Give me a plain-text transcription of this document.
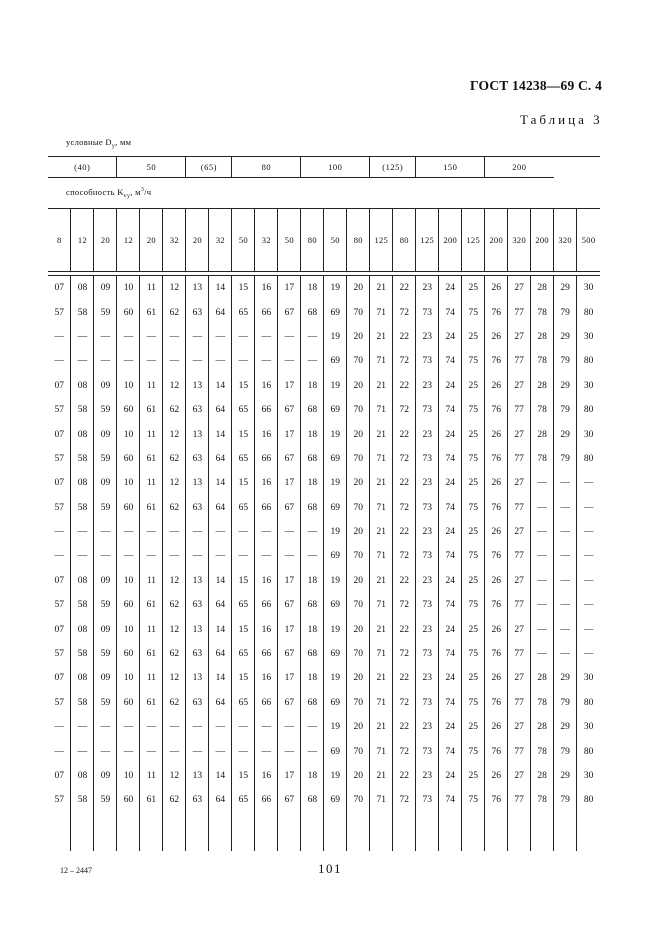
ГОСТ 14238—69 С. 4
Таблица 3
условные $D_у$, мм																							
(40)			50			(65)		80			100			(125)		150			200				
способность $K_{vy}$, $м^3/ч$																							
8	12	20	12	20	32	20	32	50	32	50	80	50	80	125	80	125	200	125	200	320	200	320	500

07	08	09	10	11	12	13	14	15	16	17	18	19	20	21	22	23	24	25	26	27	28	29	30
57	58	59	60	61	62	63	64	65	66	67	68	69	70	71	72	73	74	75	76	77	78	79	80
—	—	—	—	—	—	—	—	—	—	—	—	19	20	21	22	23	24	25	26	27	28	29	30
—	—	—	—	—	—	—	—	—	—	—	—	69	70	71	72	73	74	75	76	77	78	79	80
07	08	09	10	11	12	13	14	15	16	17	18	19	20	21	22	23	24	25	26	27	28	29	30
57	58	59	60	61	62	63	64	65	66	67	68	69	70	71	72	73	74	75	76	77	78	79	80
07	08	09	10	11	12	13	14	15	16	17	18	19	20	21	22	23	24	25	26	27	28	29	30
57	58	59	60	61	62	63	64	65	66	67	68	69	70	71	72	73	74	75	76	77	78	79	80
07	08	09	10	11	12	13	14	15	16	17	18	19	20	21	22	23	24	25	26	27	—	—	—
57	58	59	60	61	62	63	64	65	66	67	68	69	70	71	72	73	74	75	76	77	—	—	—
—	—	—	—	—	—	—	—	—	—	—	—	19	20	21	22	23	24	25	26	27	—	—	—
—	—	—	—	—	—	—	—	—	—	—	—	69	70	71	72	73	74	75	76	77	—	—	—
07	08	09	10	11	12	13	14	15	16	17	18	19	20	21	22	23	24	25	26	27	—	—	—
57	58	59	60	61	62	63	64	65	66	67	68	69	70	71	72	73	74	75	76	77	—	—	—
07	08	09	10	11	12	13	14	15	16	17	18	19	20	21	22	23	24	25	26	27	—	—	—
57	58	59	60	61	62	63	64	65	66	67	68	69	70	71	72	73	74	75	76	77	—	—	—
07	08	09	10	11	12	13	14	15	16	17	18	19	20	21	22	23	24	25	26	27	28	29	30
57	58	59	60	61	62	63	64	65	66	67	68	69	70	71	72	73	74	75	76	77	78	79	80
—	—	—	—	—	—	—	—	—	—	—	—	19	20	21	22	23	24	25	26	27	28	29	30
—	—	—	—	—	—	—	—	—	—	—	—	69	70	71	72	73	74	75	76	77	78	79	80
07	08	09	10	11	12	13	14	15	16	17	18	19	20	21	22	23	24	25	26	27	28	29	30
57	58	59	60	61	62	63	64	65	66	67	68	69	70	71	72	73	74	75	76	77	78	79	80

12 – 2447	101
